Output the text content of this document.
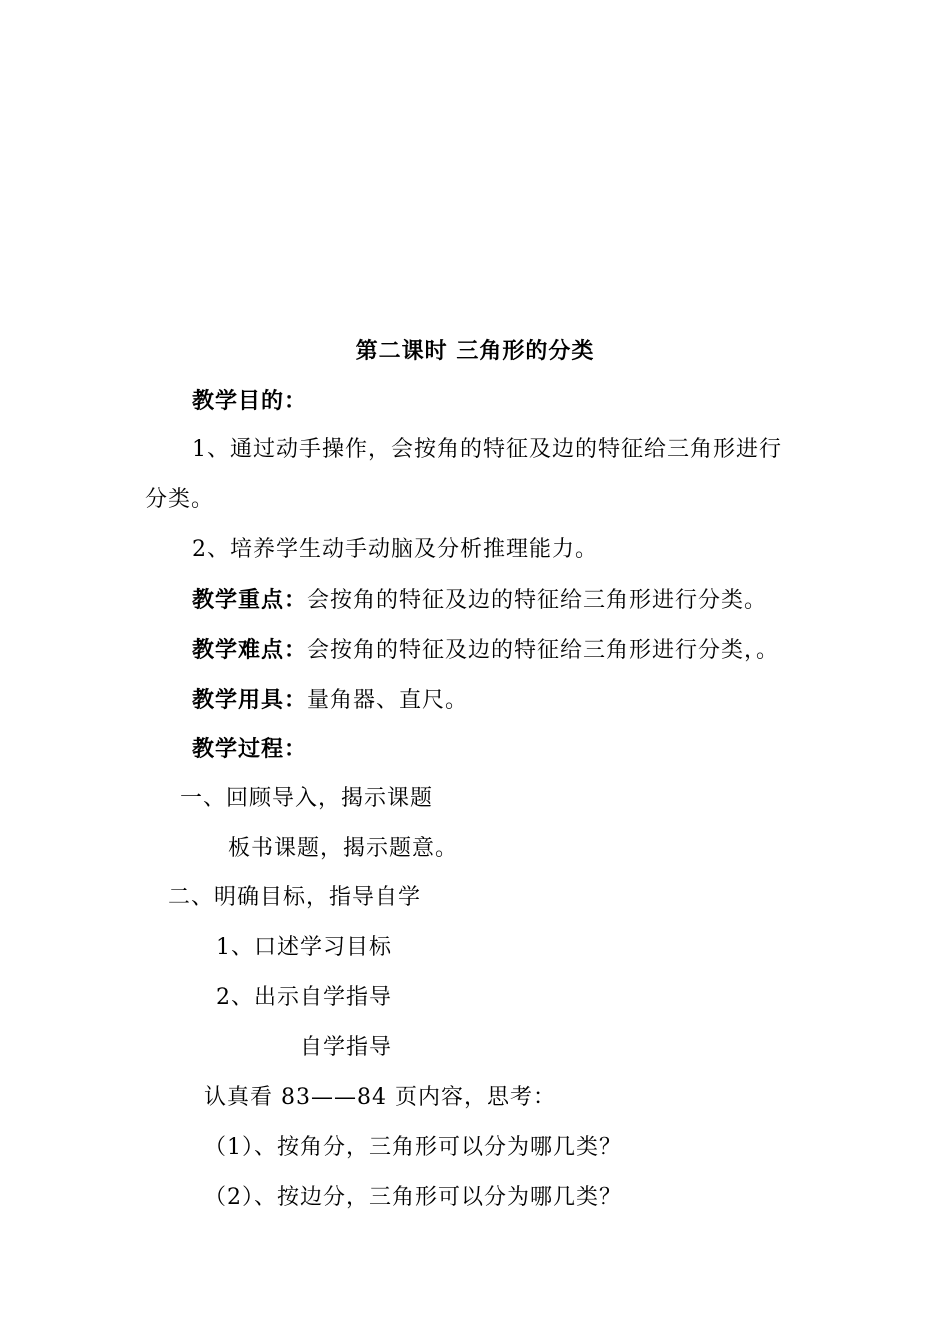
第二课时 三角形的分类
教学目的：
1、通过动手操作，会按角的特征及边的特征给三角形进行
分类。
2、培养学生动手动脑及分析推理能力。
教学重点：会按角的特征及边的特征给三角形进行分类。
教学难点：会按角的特征及边的特征给三角形进行分类，。
教学用具：量角器、直尺。
教学过程：
一、回顾导入，揭示课题
板书课题，揭示题意。
二、明确目标，指导自学
1、口述学习目标
2、出示自学指导
自学指导
认真看 83——84 页内容，思考：
（1）、按角分，三角形可以分为哪几类？
（2）、按边分，三角形可以分为哪几类？
